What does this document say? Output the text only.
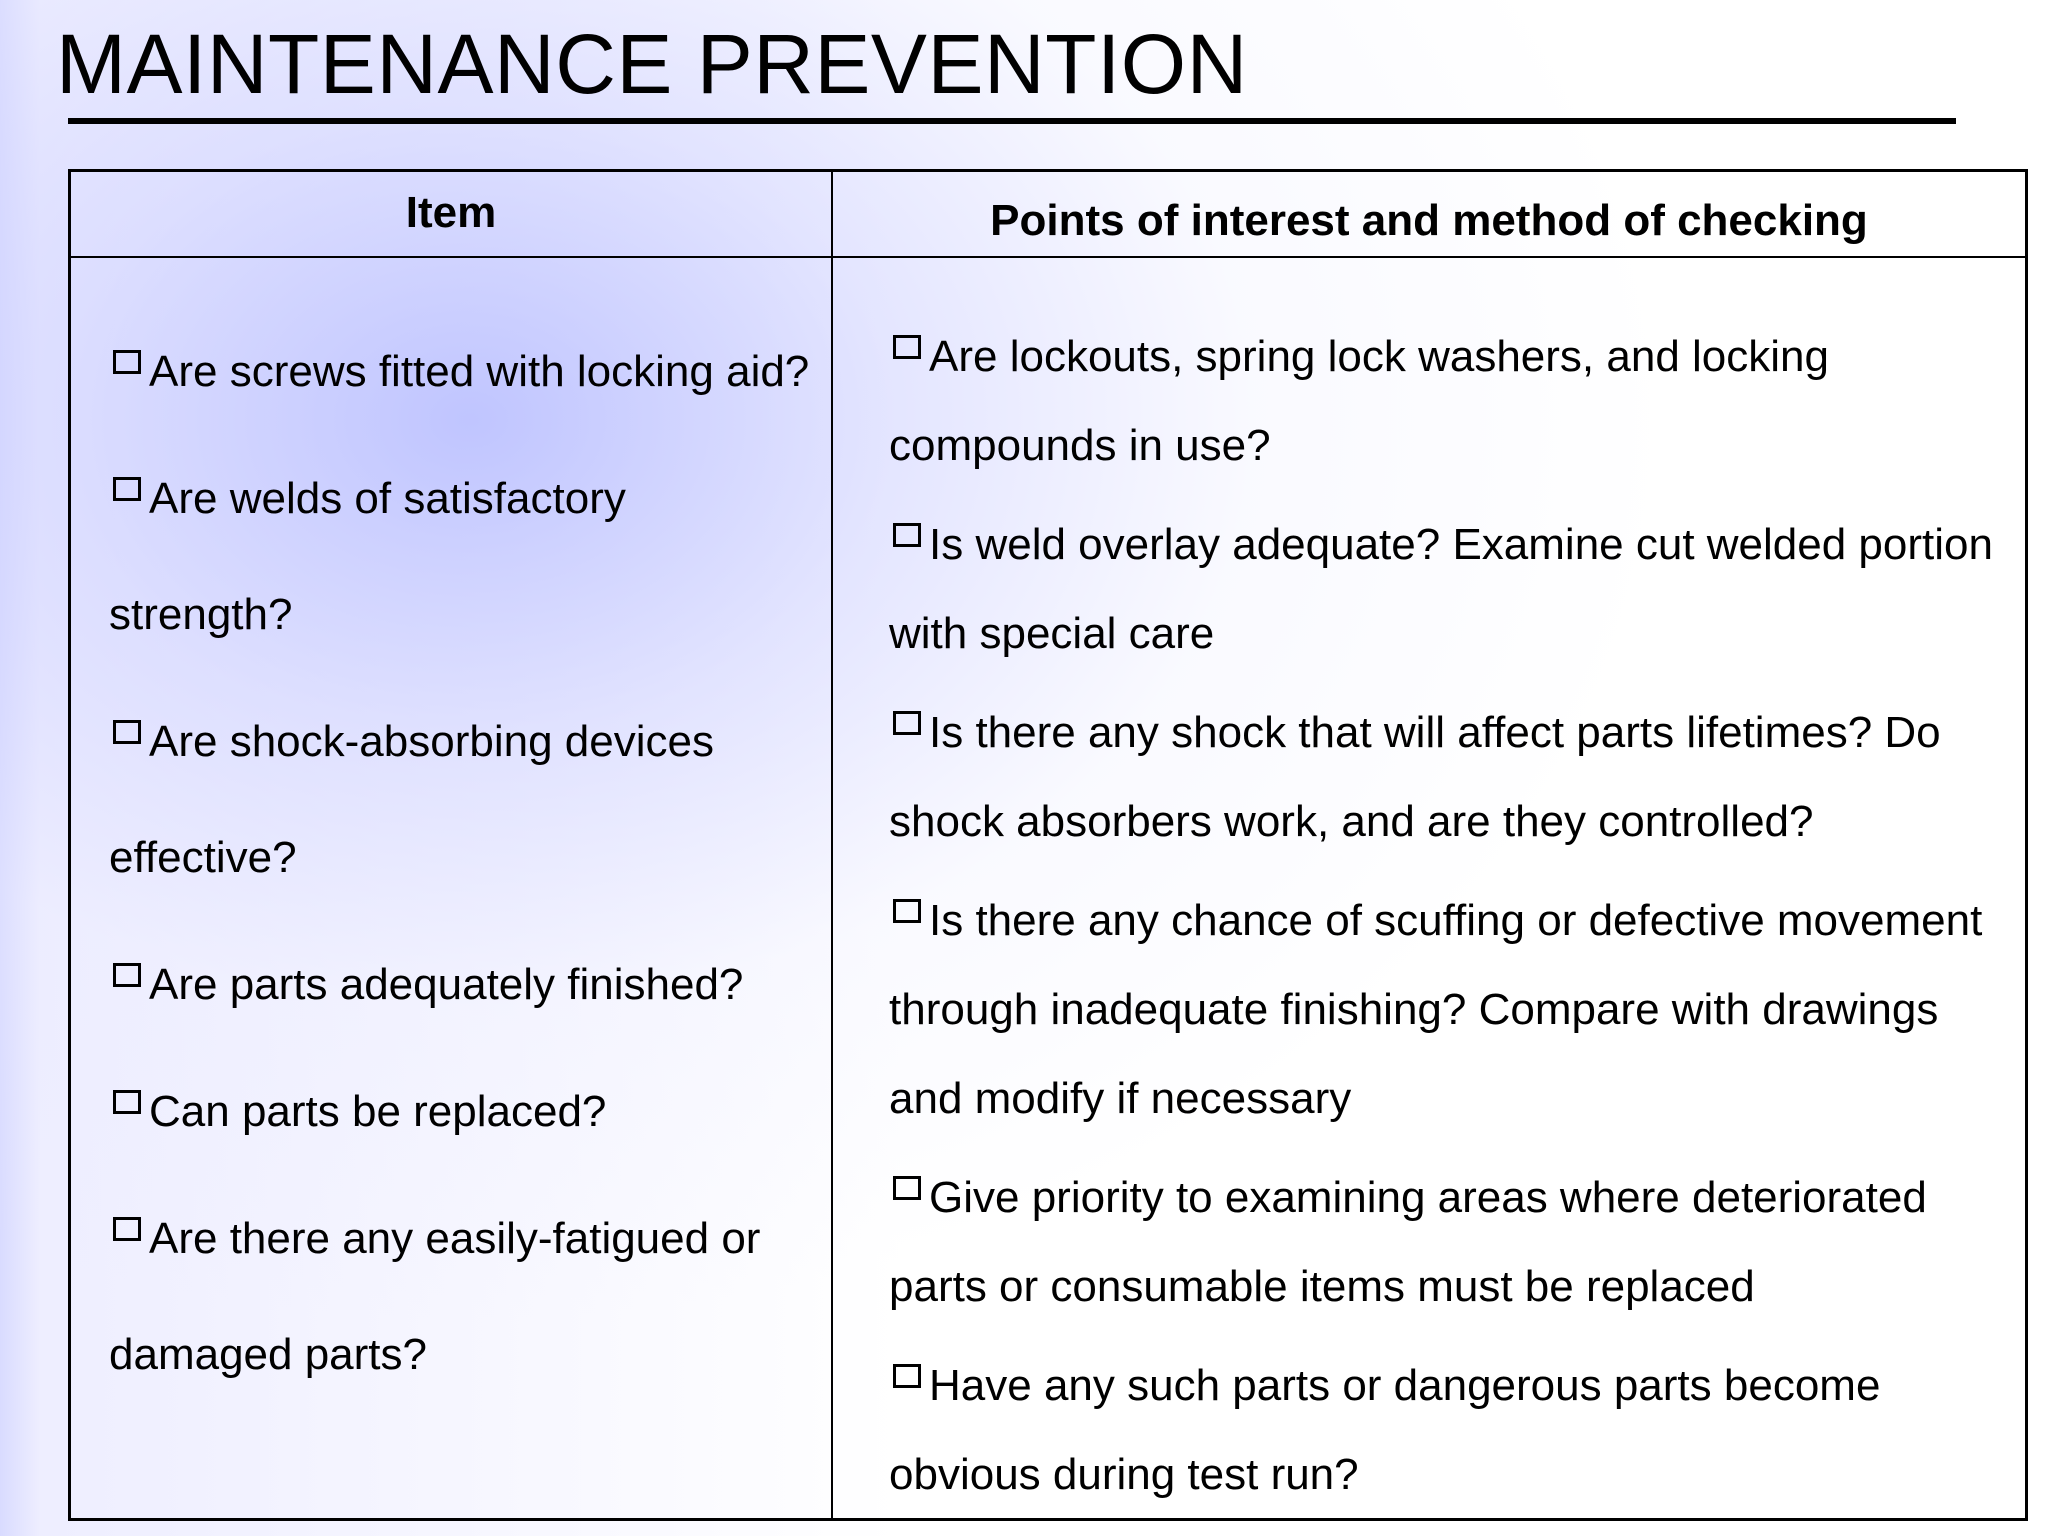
MAINTENANCE PREVENTION
Item	Points of interest and method of checking
Are screws fitted with locking aid?
Are welds of satisfactory strength?
Are shock-absorbing devices effective?
Are parts adequately finished?
Can parts be replaced?
Are there any easily-fatigued or damaged parts?
Are lockouts, spring lock washers, and locking compounds in use?
Is weld overlay adequate? Examine cut welded portion with special care
Is there any shock that will affect parts lifetimes? Do shock absorbers work, and are they controlled?
Is there any chance of scuffing or defective movement through inadequate finishing? Compare with drawings and modify if necessary
Give priority to examining areas where deteriorated parts or consumable items must be replaced
Have any such parts or dangerous parts become obvious during test run?
